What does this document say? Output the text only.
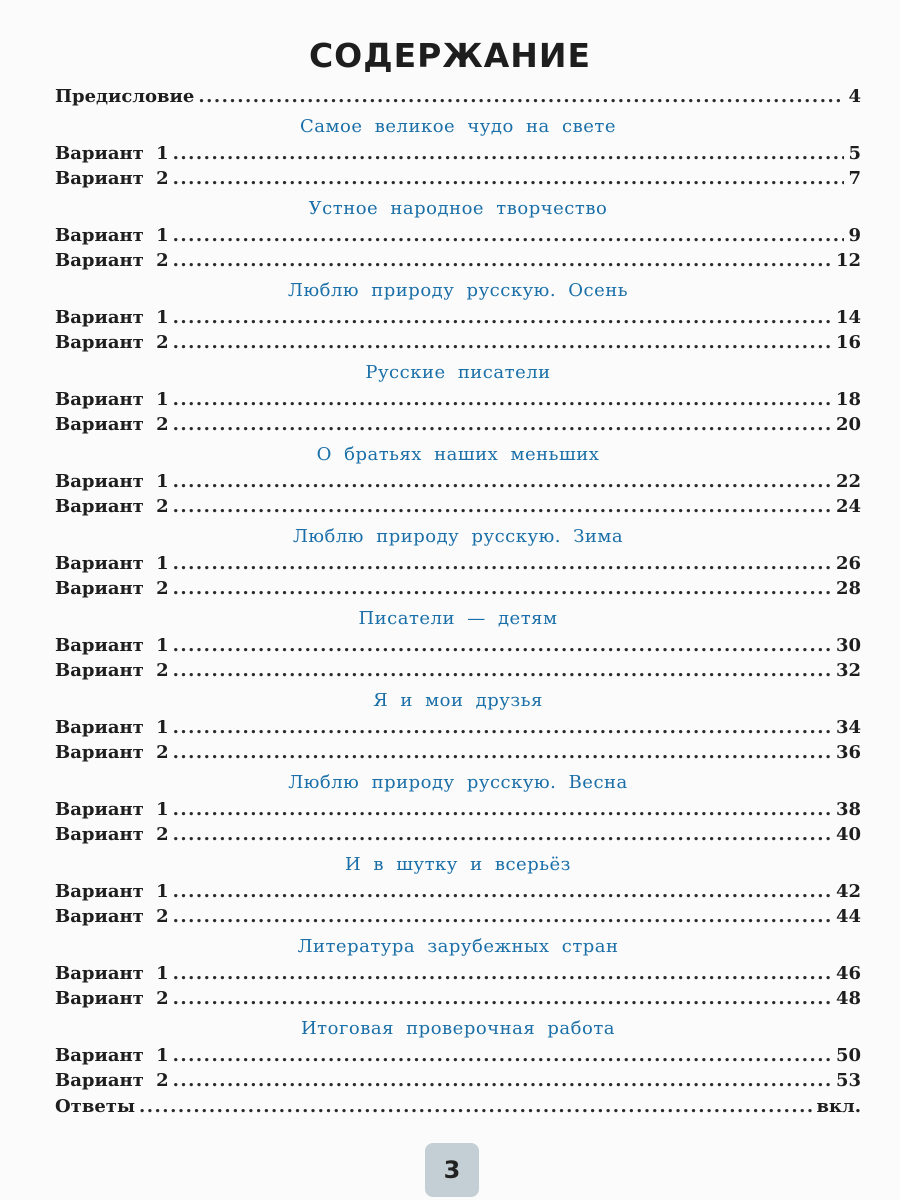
СОДЕРЖАНИЕ
Предисловие .....	4
Самое великое чудо на свете
Вариант 1 .....	5
Вариант 2 .....	7
Устное народное творчество
Вариант 1 .....	9
Вариант 2 .....	12
Люблю природу русскую. Осень
Вариант 1 .....	14
Вариант 2 .....	16
Русские писатели
Вариант 1 .....	18
Вариант 2 .....	20
О братьях наших меньших
Вариант 1 .....	22
Вариант 2 .....	24
Люблю природу русскую. Зима
Вариант 1 .....	26
Вариант 2 .....	28
Писатели — детям
Вариант 1 .....	30
Вариант 2 .....	32
Я и мои друзья
Вариант 1 .....	34
Вариант 2 .....	36
Люблю природу русскую. Весна
Вариант 1 .....	38
Вариант 2 .....	40
И в шутку и всерьёз
Вариант 1 .....	42
Вариант 2 .....	44
Литература зарубежных стран
Вариант 1 .....	46
Вариант 2 .....	48
Итоговая проверочная работа
Вариант 1 .....	50
Вариант 2 .....	53
Ответы .....	вкл.
3
